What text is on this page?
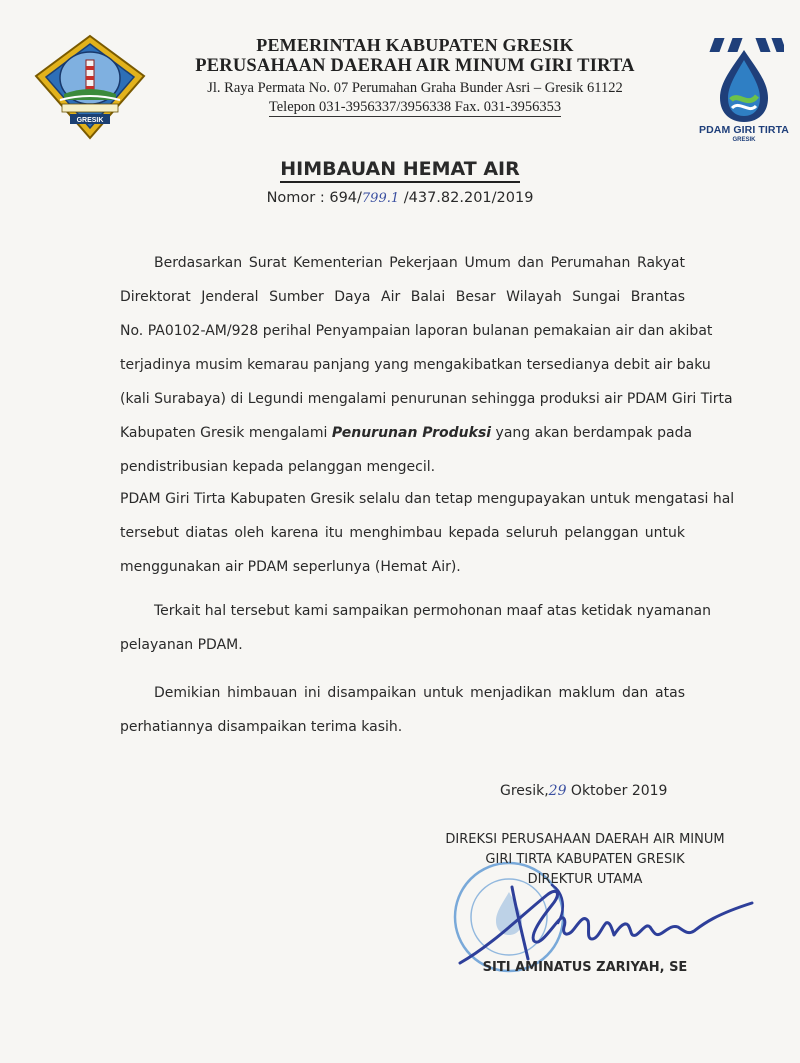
GRESIK
PEMERINTAH KABUPATEN GRESIK
PERUSAHAAN DAERAH AIR MINUM GIRI TIRTA
Jl. Raya Permata No. 07 Perumahan Graha Bunder Asri – Gresik 61122
Telepon 031-3956337/3956338 Fax. 031-3956353
PDAM GIRI TIRTA
GRESIK
HIMBAUAN HEMAT AIR
Nomor : 694/799.1 /437.82.201/2019
Berdasarkan Surat Kementerian Pekerjaan Umum dan Perumahan Rakyat
Direktorat Jenderal Sumber Daya Air Balai Besar Wilayah Sungai Brantas
No. PA0102-AM/928 perihal Penyampaian laporan bulanan pemakaian air dan akibat
terjadinya musim kemarau panjang yang mengakibatkan tersedianya debit air baku
(kali Surabaya) di Legundi mengalami penurunan sehingga produksi air PDAM Giri Tirta
Kabupaten Gresik mengalami Penurunan Produksi yang akan berdampak pada
pendistribusian kepada pelanggan mengecil.
PDAM Giri Tirta Kabupaten Gresik selalu dan tetap mengupayakan untuk mengatasi hal
tersebut diatas oleh karena itu menghimbau kepada seluruh pelanggan untuk
menggunakan air PDAM seperlunya (Hemat Air).
Terkait hal tersebut kami sampaikan permohonan maaf atas ketidak nyamanan
pelayanan PDAM.
Demikian himbauan ini disampaikan untuk menjadikan maklum dan atas
perhatiannya disampaikan terima kasih.
Gresik,29 Oktober 2019
DIREKSI PERUSAHAAN DAERAH AIR MINUM
GIRI TIRTA KABUPATEN GRESIK
DIREKTUR UTAMA
SITI AMINATUS ZARIYAH, SE
